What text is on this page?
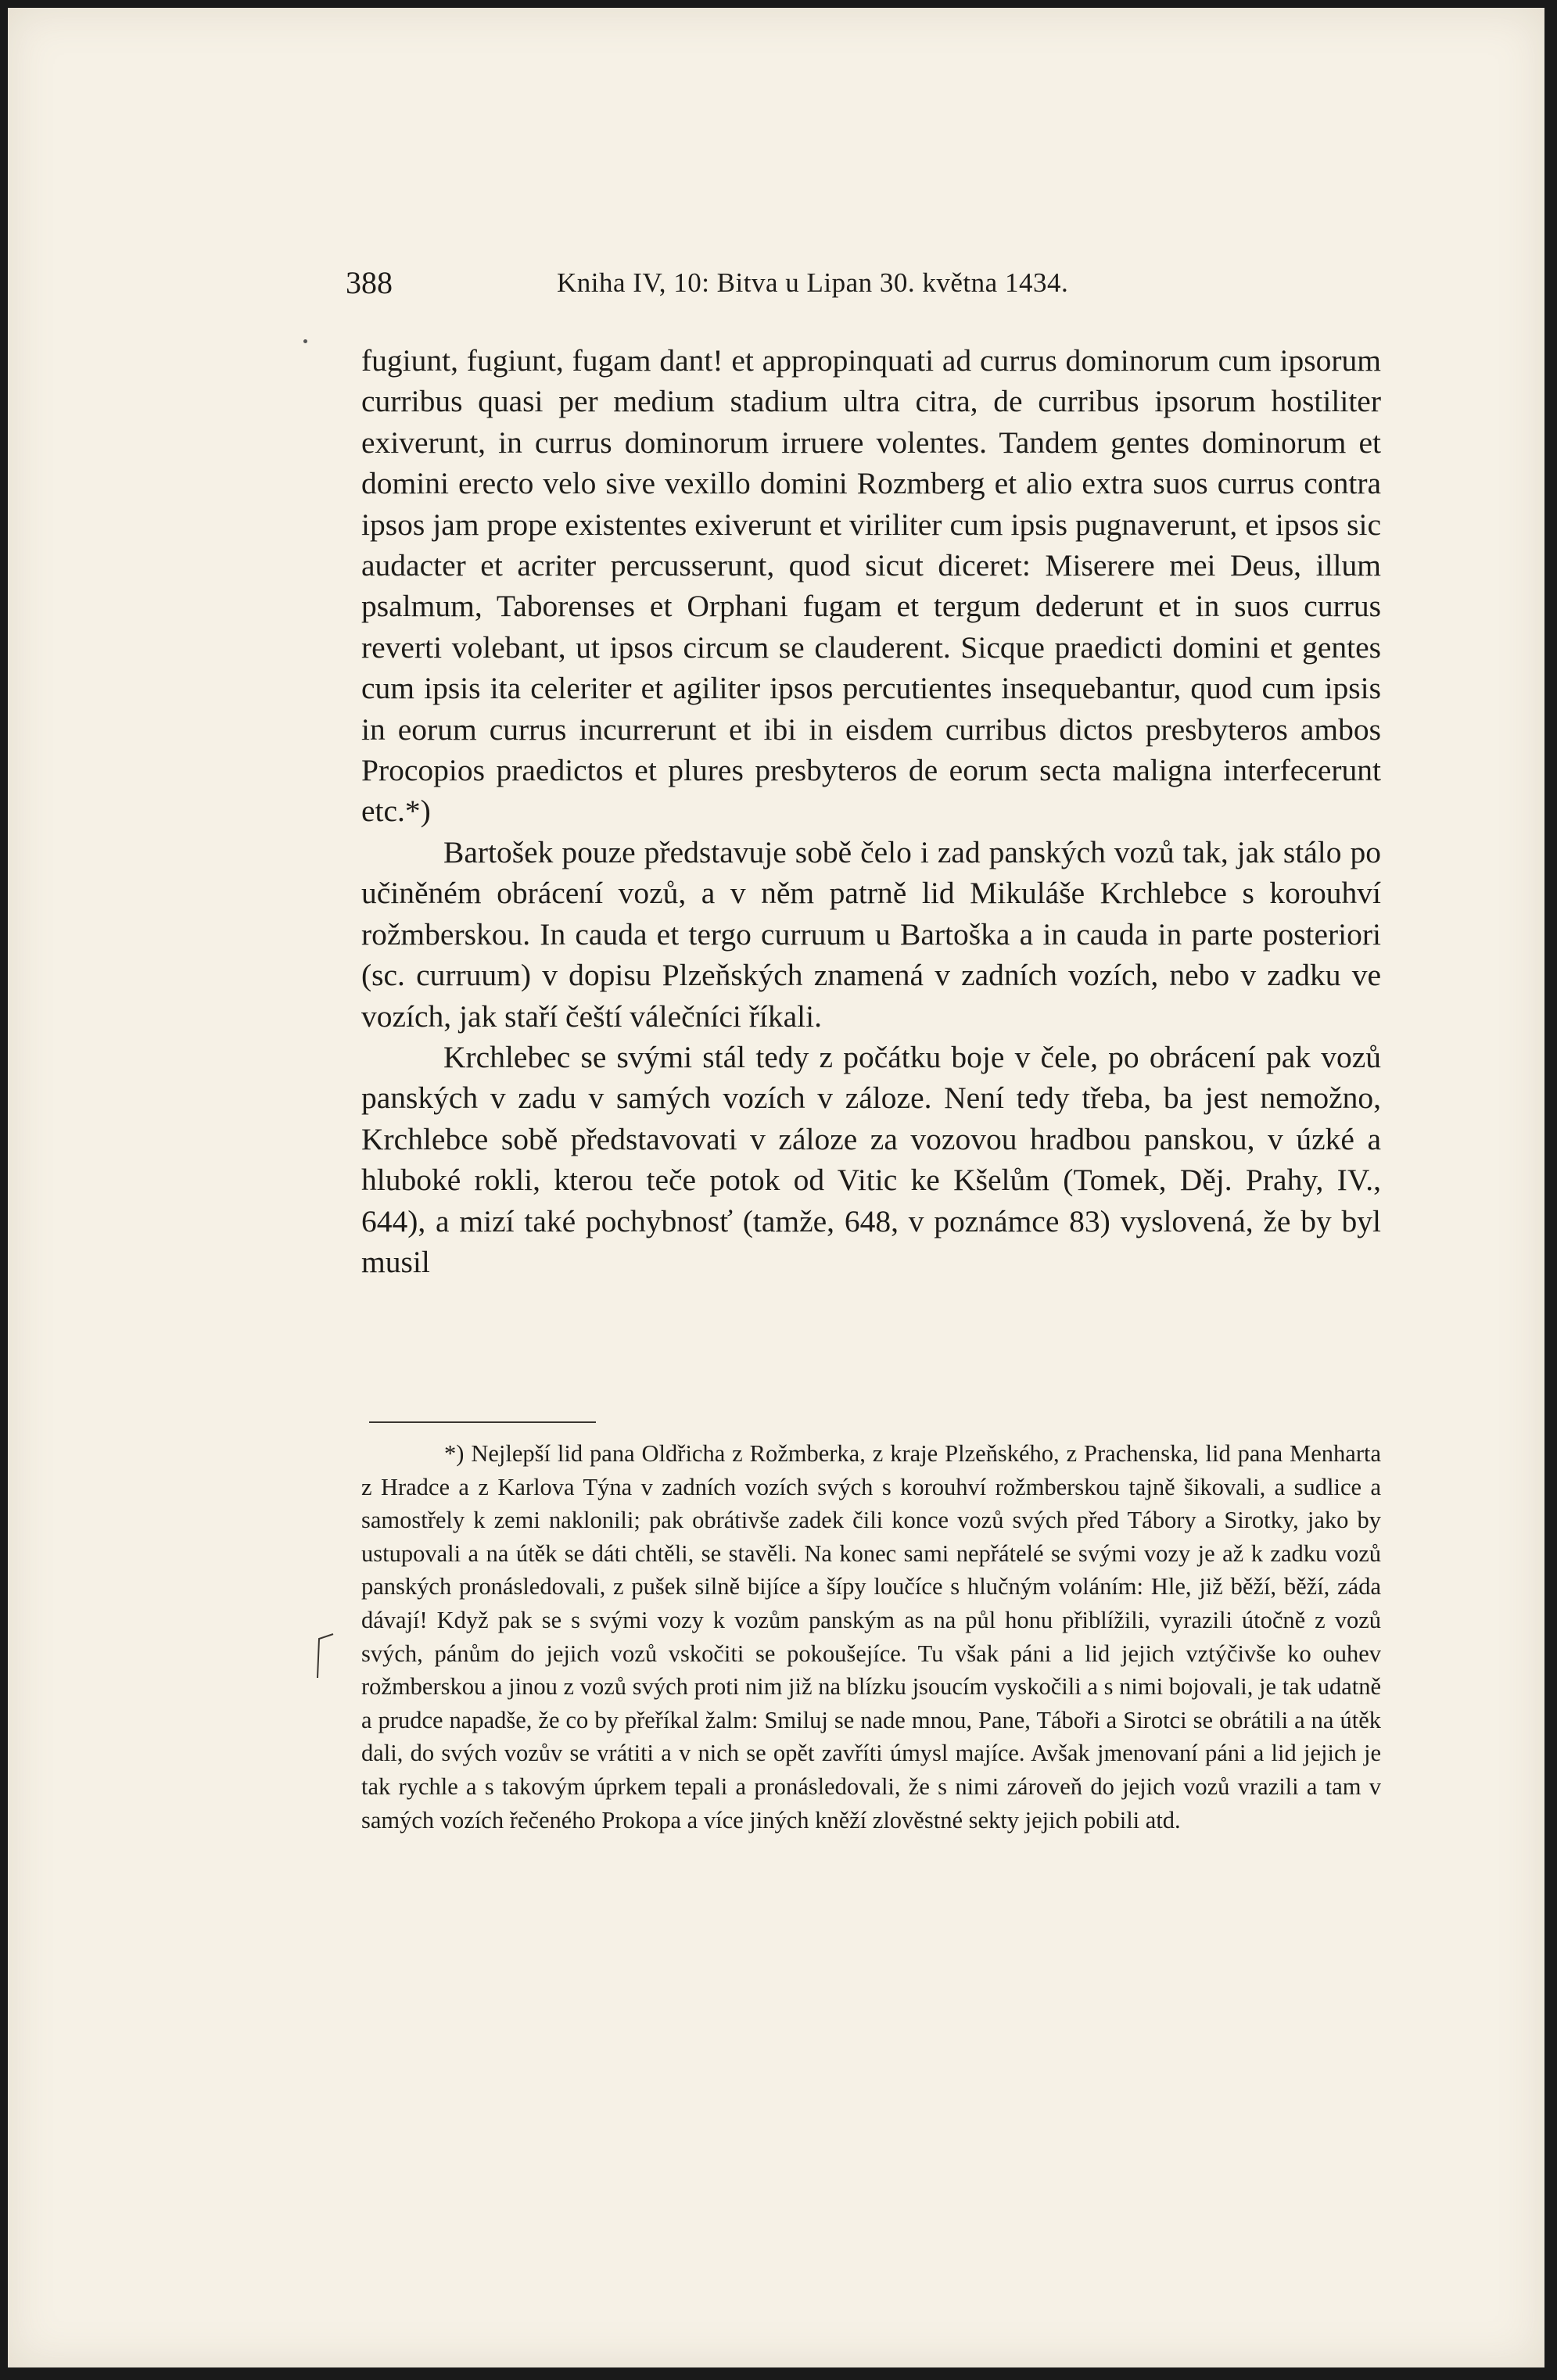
388	Kniha IV, 10: Bitva u Lipan 30. května 1434.

fugiunt, fugiunt, fugam dant! et appropinquati ad currus dominorum cum ipsorum curribus quasi per medium stadium ultra citra, de curribus ipsorum hostiliter exiverunt, in currus dominorum irruere volentes. Tandem gentes dominorum et domini erecto velo sive vexillo domini Rozmberg et alio extra suos currus contra ipsos jam prope existentes exiverunt et viriliter cum ipsis pugnaverunt, et ipsos sic audacter et acriter percusserunt, quod sicut diceret: Miserere mei Deus, illum psalmum, Taborenses et Orphani fugam et tergum dederunt et in suos currus reverti volebant, ut ipsos circum se clauderent. Sicque praedicti domini et gentes cum ipsis ita celeriter et agiliter ipsos percutientes insequebantur, quod cum ipsis in eorum currus incurrerunt et ibi in eisdem curribus dictos presbyteros ambos Procopios praedictos et plures presbyteros de eorum secta maligna interfecerunt etc.*)

Bartošek pouze představuje sobě čelo i zad panských vozů tak, jak stálo po učiněném obrácení vozů, a v něm patrně lid Mikuláše Krchlebce s korouhví rožmberskou. In cauda et tergo curruum u Bartoška a in cauda in parte posteriori (sc. curruum) v dopisu Plzeňských znamená v zadních vozích, nebo v zadku ve vozích, jak staří čeští válečníci říkali.

Krchlebec se svými stál tedy z počátku boje v čele, po obrácení pak vozů panských v zadu v samých vozích v záloze. Není tedy třeba, ba jest nemožno, Krchlebce sobě představovati v záloze za vozovou hradbou panskou, v úzké a hluboké rokli, kterou teče potok od Vitic ke Kšelům (Tomek, Děj. Prahy, IV., 644), a mizí také pochybnosť (tamže, 648, v poznámce 83) vyslovená, že by byl musil

*) Nejlepší lid pana Oldřicha z Rožmberka, z kraje Plzeňského, z Prachenska, lid pana Menharta z Hradce a z Karlova Týna v zadních vozích svých s korouhví rožmberskou tajně šikovali, a sudlice a samostřely k zemi naklonili; pak obrátivše zadek čili konce vozů svých před Tábory a Sirotky, jako by ustupovali a na útěk se dáti chtěli, se stavěli. Na konec sami nepřátelé se svými vozy je až k zadku vozů panských pronásledovali, z pušek silně bijíce a šípy loučíce s hlučným voláním: Hle, již běží, běží, záda dávají! Když pak se s svými vozy k vozům panským as na půl honu přiblížili, vyrazili útočně z vozů svých, pánům do jejich vozů vskočiti se pokoušejíce. Tu však páni a lid jejich vztýčivše ko ouhev rožmberskou a jinou z vozů svých proti nim již na blízku jsoucím vyskočili a s nimi bojovali, je tak udatně a prudce napadše, že co by přeříkal žalm: Smiluj se nade mnou, Pane, Táboři a Sirotci se obrátili a na útěk dali, do svých vozův se vrátiti a v nich se opět zavříti úmysl majíce. Avšak jmenovaní páni a lid jejich je tak rychle a s takovým úprkem tepali a pronásledovali, že s nimi zároveň do jejich vozů vrazili a tam v samých vozích řečeného Prokopa a více jiných kněží zlověstné sekty jejich pobili atd.
